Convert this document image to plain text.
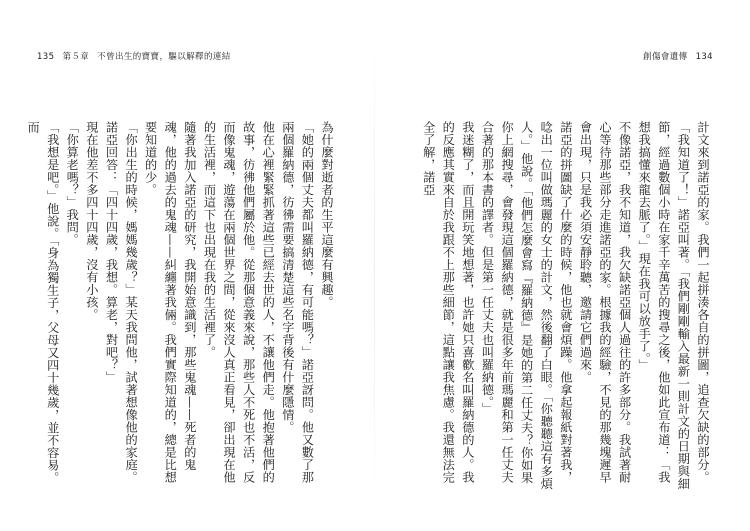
135 第５章 不曾出生的寶寶，驅以解釋的連結	創傷會遺傳 134

為什麼對逝者的生平這麼有興趣。

「她的兩個丈夫都叫羅納德，有可能嗎？」諾亞訝問。他又數了那兩個羅納德，彷彿需要搞清楚這些名字背後有什麼隱情。

他在心裡緊緊抓著這些已經去世的人，不讓他們走。他抱著他們的故事，彷彿他們屬於他。從那個意義來說，那些人不死也不活，反而像鬼魂，遊蕩在兩個世界之間，從來沒人真正看見，卻出現在他的生活裡，而這下也出現在我的生活裡了。

隨著我加入諾亞的研究，我開始意識到，那些鬼魂——死者的鬼魂，他的過去的鬼魂——糾纏著我倆。我們實際知道的，總是比想要知道的少。

「你出生的時候，媽媽幾歲？」某天我問他，試著想像他的家庭。

諾亞回答：「四十四歲，我想。算老，對吧？」

現在他差不多四十四歲，沒有小孩。

「你算老嗎？」我問。

「我想是吧。」他說。「身為獨生子，父母又四十幾歲，並不容易。而	計文來到諾亞的家。我們一起拼湊各自的拼圖，追查欠缺的部分。

「我知道了！」諾亞叫著。「我們剛剛輸入最新一則計文的日期與細節，經過數個小時在家千辛萬苦的搜尋之後，他如此宣布道：「我想我搞懂來龍去脈了。」現在我可以放手了。」

不像諾亞，我不知道，我欠缺諾亞個人過往的許多部分。我試著耐心等待那些部分走進諾亞的家。根據我的經驗，不見的那幾塊遲早會出現，只是我必須安靜聆聽，邀請它們過來。

諾亞的拼圖缺了什麼的時候，他也就會煩躁。他拿起報紙對著我，唸出一位叫做瑪麗的女士的計文，然後翻了白眼。「你聽聽這有多煩人。」他說。「他們怎麼會寫『羅納德』是她的第二任丈夫？你如果你上網搜尋，會發現這個羅納德，就是很多年前瑪麗和第一任丈夫合著的那本書的譯者。但是第一任丈夫也叫羅納德。」

我迷糊了，而且開玩笑地想著，也許她只喜歡名叫羅納德的人。我的反應其實來自於我跟不上那些細節，這點讓我焦慮。我還無法完全了解，諾亞
